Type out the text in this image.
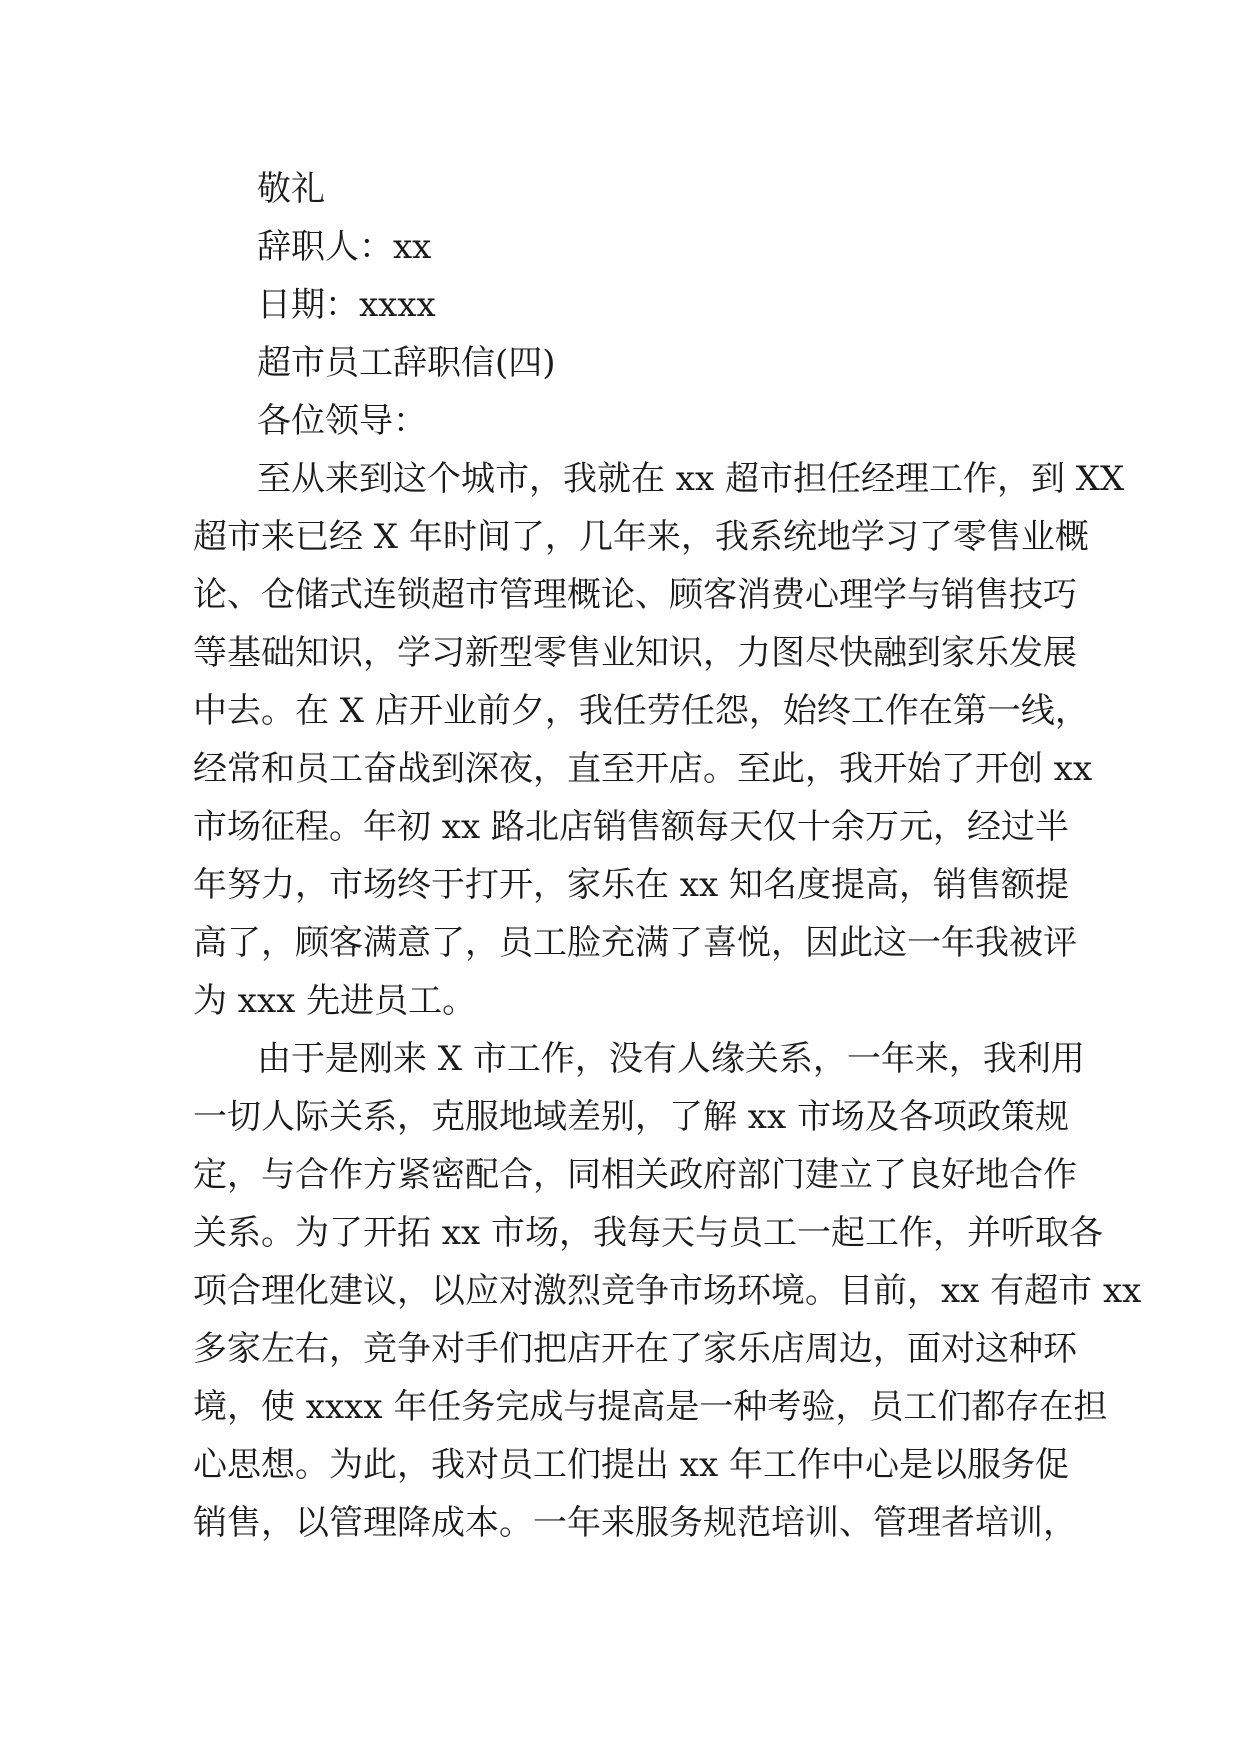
敬礼
辞职人：xx
日期：xxxx
超市员工辞职信(四)
各位领导：
至从来到这个城市，我就在 xx 超市担任经理工作，到 XX
超市来已经 X 年时间了，几年来，我系统地学习了零售业概
论、仓储式连锁超市管理概论、顾客消费心理学与销售技巧
等基础知识，学习新型零售业知识，力图尽快融到家乐发展
中去。在 X 店开业前夕，我任劳任怨，始终工作在第一线，
经常和员工奋战到深夜，直至开店。至此，我开始了开创 xx
市场征程。年初 xx 路北店销售额每天仅十余万元，经过半
年努力，市场终于打开，家乐在 xx 知名度提高，销售额提
高了，顾客满意了，员工脸充满了喜悦，因此这一年我被评
为 xxx 先进员工。
由于是刚来 X 市工作，没有人缘关系，一年来，我利用
一切人际关系，克服地域差别，了解 xx 市场及各项政策规
定，与合作方紧密配合，同相关政府部门建立了良好地合作
关系。为了开拓 xx 市场，我每天与员工一起工作，并听取各
项合理化建议，以应对激烈竞争市场环境。目前，xx 有超市 xx
多家左右，竞争对手们把店开在了家乐店周边，面对这种环
境，使 xxxx 年任务完成与提高是一种考验，员工们都存在担
心思想。为此，我对员工们提出 xx 年工作中心是以服务促
销售，以管理降成本。一年来服务规范培训、管理者培训，
